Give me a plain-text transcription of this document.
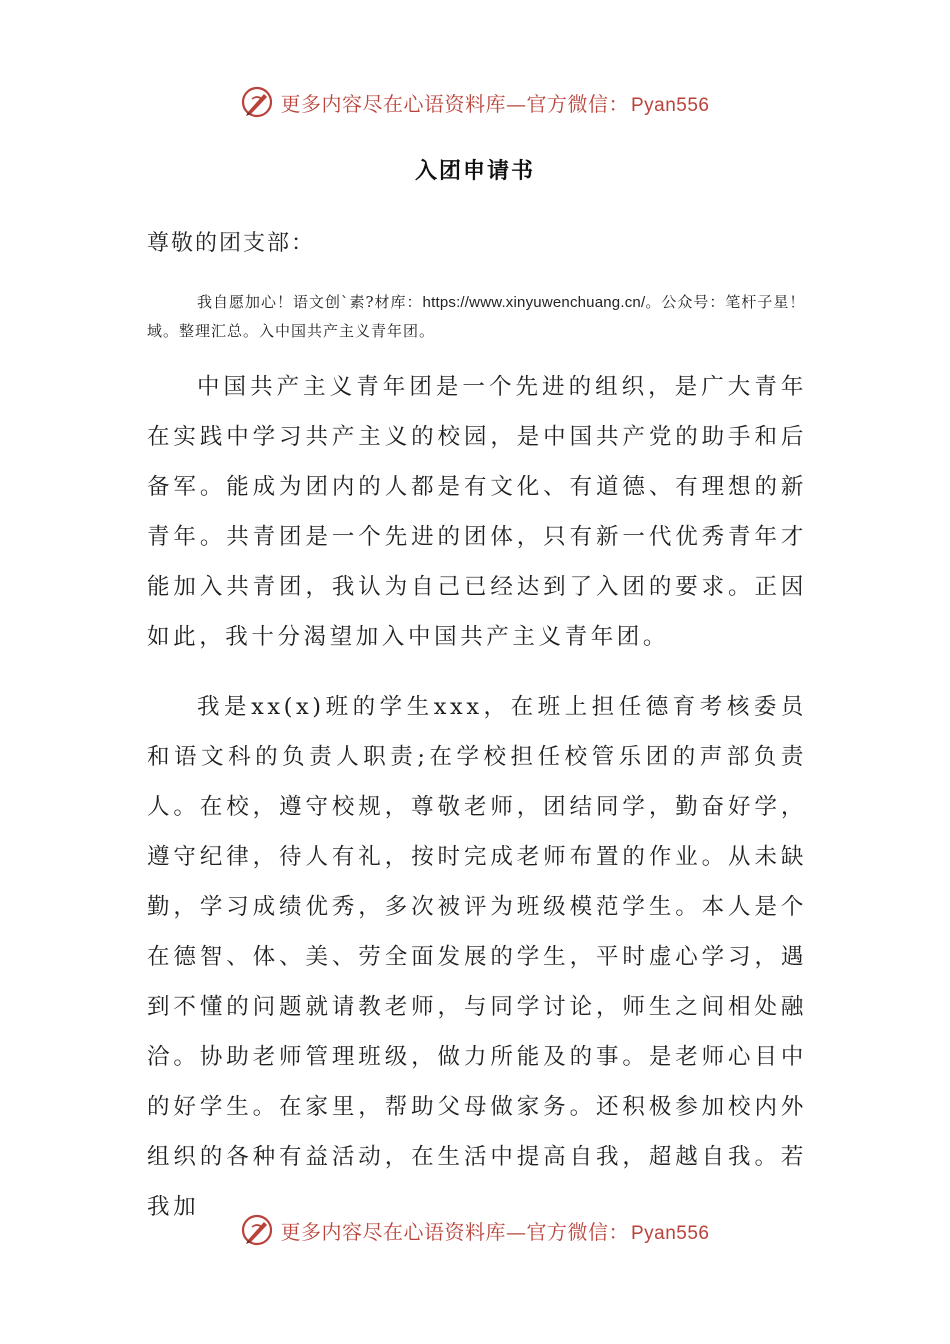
更多内容尽在心语资料库—官方微信： Pyan556
入团申请书
尊敬的团支部：
我自愿加心！语文创`素?材库：https://www.xinyuwenchuang.cn/。公众号：笔杆子星！域。整理汇总。入中国共产主义青年团。
中国共产主义青年团是一个先进的组织，是广大青年在实践中学习共产主义的校园，是中国共产党的助手和后备军。能成为团内的人都是有文化、有道德、有理想的新青年。共青团是一个先进的团体，只有新一代优秀青年才能加入共青团，我认为自己已经达到了入团的要求。正因如此，我十分渴望加入中国共产主义青年团。
我是xx(x)班的学生xxx，在班上担任德育考核委员和语文科的负责人职责;在学校担任校管乐团的声部负责人。在校，遵守校规，尊敬老师，团结同学，勤奋好学，遵守纪律，待人有礼，按时完成老师布置的作业。从未缺勤，学习成绩优秀，多次被评为班级模范学生。本人是个在德智、体、美、劳全面发展的学生，平时虚心学习，遇到不懂的问题就请教老师，与同学讨论，师生之间相处融洽。协助老师管理班级，做力所能及的事。是老师心目中的好学生。在家里，帮助父母做家务。还积极参加校内外组织的各种有益活动，在生活中提高自我，超越自我。若我加
更多内容尽在心语资料库—官方微信： Pyan556
